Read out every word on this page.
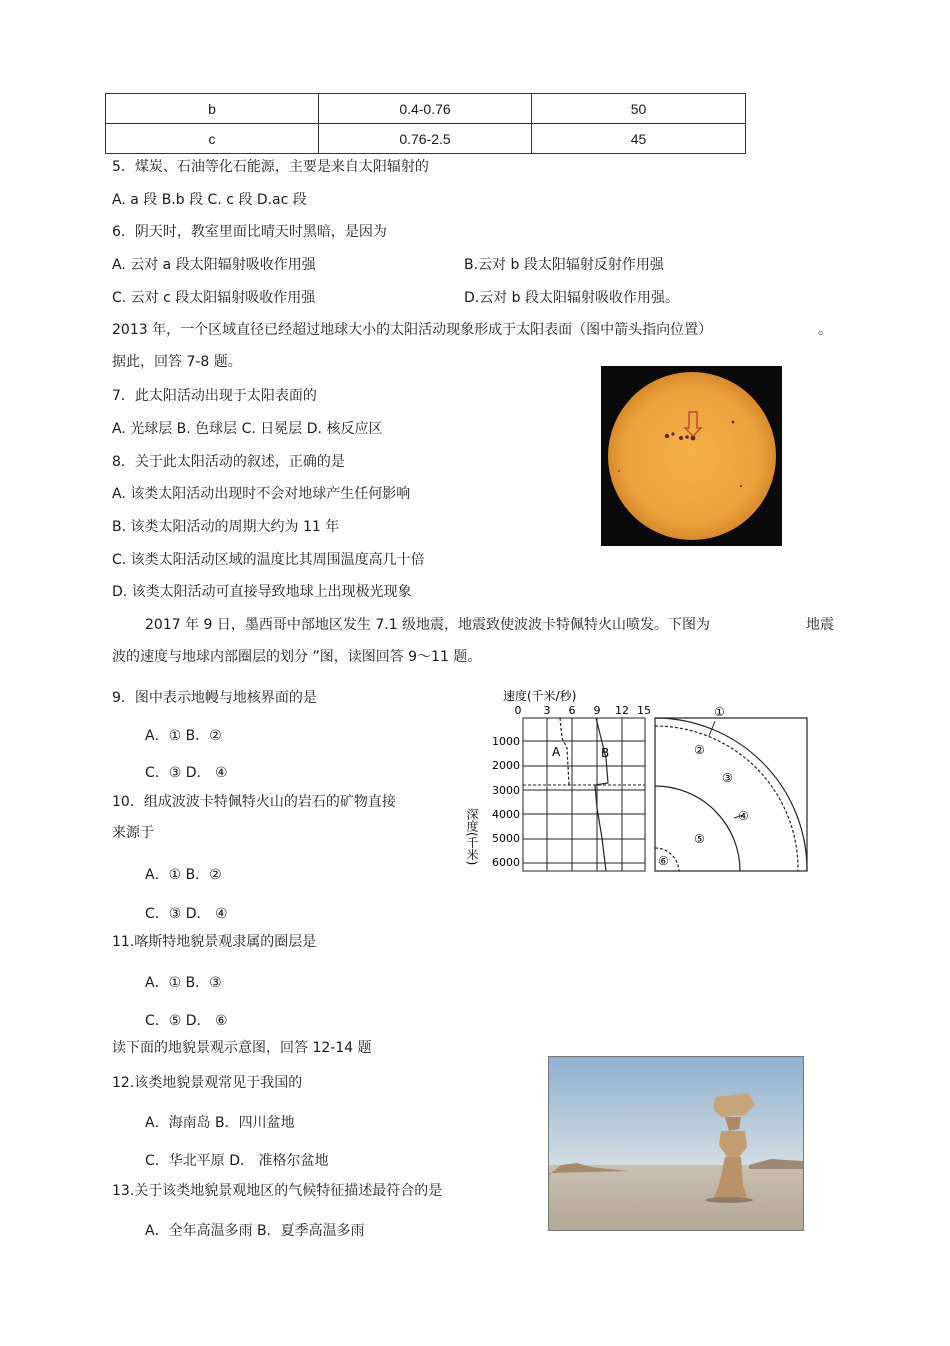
b	0.4-0.76	50
c	0.76-2.5	45
5．煤炭、石油等化石能源，主要是来自太阳辐射的
A. a 段 B.b 段 C. c 段 D.ac 段
6．阴天时，教室里面比晴天时黑暗，是因为
A. 云对 a 段太阳辐射吸收作用强	B.云对 b 段太阳辐射反射作用强
C. 云对 c 段太阳辐射吸收作用强	D.云对 b 段太阳辐射吸收作用强。
2013 年，一个区域直径已经超过地球大小的太阳活动现象形成于太阳表面（图中箭头指向位置）	。
据此，回答 7-8 题。
7．此太阳活动出现于太阳表面的
A. 光球层 B. 色球层 C. 日冕层 D. 核反应区
8．关于此太阳活动的叙述，正确的是
A. 该类太阳活动出现时不会对地球产生任何影响
B. 该类太阳活动的周期大约为 11 年
C. 该类太阳活动区域的温度比其周围温度高几十倍
D. 该类太阳活动可直接导致地球上出现极光现象
2017 年 9 日，墨西哥中部地区发生 7.1 级地震，地震致使波波卡特佩特火山喷发。下图为	地震
波的速度与地球内部圈层的划分 ”图，读图回答 9～11 题。
9．图中表示地幔与地核界面的是
A．① B．②
C．③ D． ④
10．组成波波卡特佩特火山的岩石的矿物直接
来源于
A．① B．②
C．③ D． ④
11.喀斯特地貌景观隶属的圈层是
A．① B．③
C．⑤ D． ⑥
速度(千米/秒)
0 3 6 9 12 15
1000
2000
3000
4000
5000
6000
深度(千米)
A	B
①
②
③
④
⑤
⑥
读下面的地貌景观示意图，回答 12-14 题
12.该类地貌景观常见于我国的
A．海南岛 B．四川盆地
C．华北平原 D． 准格尔盆地
13.关于该类地貌景观地区的气候特征描述最符合的是
A．全年高温多雨 B．夏季高温多雨
